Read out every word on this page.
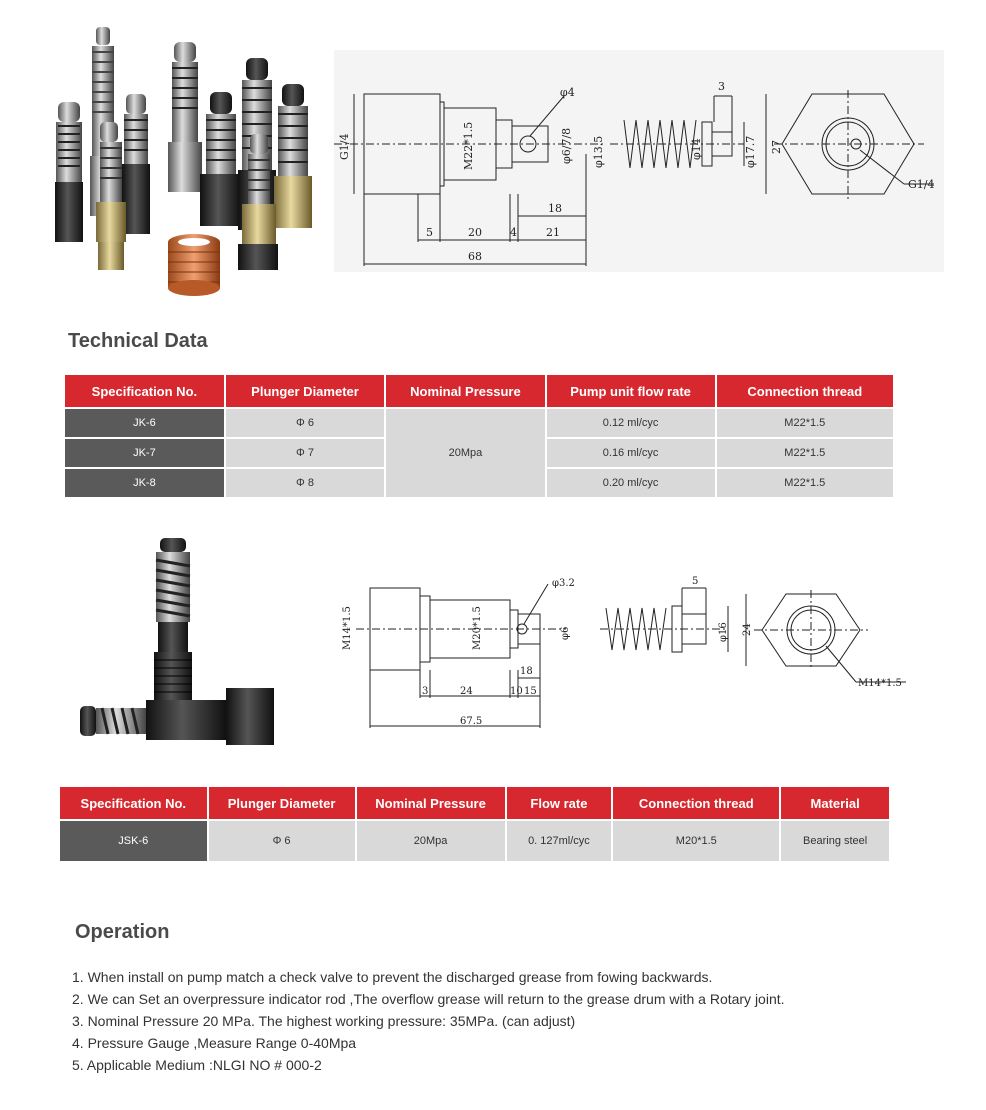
G1/4	M22*1.5
φ4
φ6/7/8 φ13.5	φ14
3
φ17.7 27
G1/4
18
5	20	4	21
68
Technical Data
Specification No.	Plunger Diameter	Nominal Pressure	Pump unit flow rate	Connection thread
JK-6	Φ 6	20Mpa	0.12 ml/cyc	M22*1.5
JK-7	Φ 7		0.16 ml/cyc	M22*1.5
JK-8	Φ 8		0.20 ml/cyc	M22*1.5
M14*1.5	M20*1.5
φ3.2
φ6
5
φ16 24
M14*1.5
18
3	24	10 15
67.5
Specification No.	Plunger Diameter	Nominal Pressure	Flow rate	Connection thread	Material
JSK-6	Φ 6	20Mpa	0. 127ml/cyc	M20*1.5	Bearing steel
Operation
1. When install on pump match a check valve to prevent the discharged grease from fowing backwards.
2. We can Set an overpressure indicator rod ,The overflow grease will return to the grease drum with a Rotary joint.
3. Nominal Pressure 20 MPa. The highest working pressure: 35MPa. (can adjust)
4. Pressure Gauge ,Measure Range 0-40Mpa
5. Applicable Medium :NLGI NO # 000-2
